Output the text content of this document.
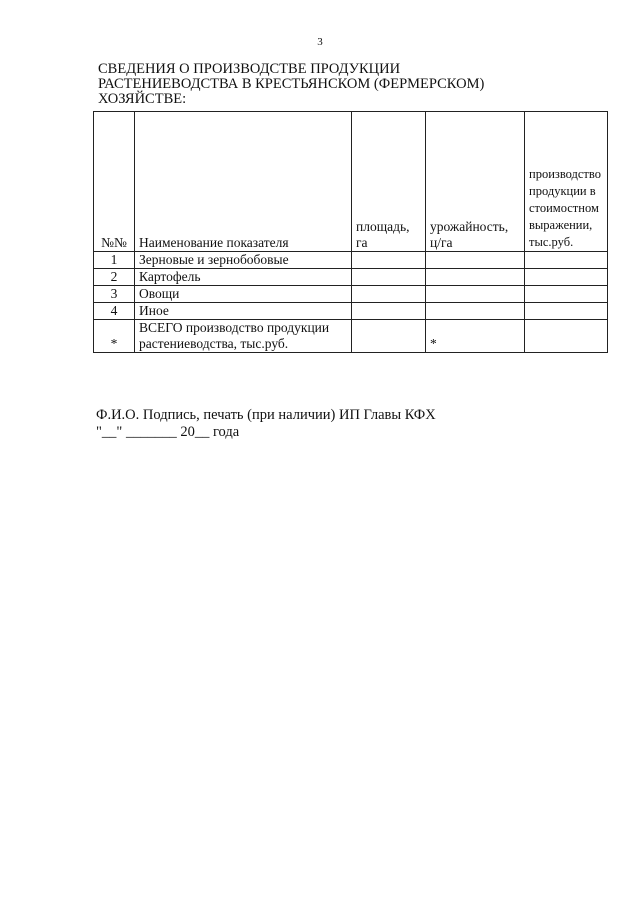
3
СВЕДЕНИЯ О ПРОИЗВОДСТВЕ ПРОДУКЦИИ РАСТЕНИЕВОДСТВА В КРЕСТЬЯНСКОМ (ФЕРМЕРСКОМ) ХОЗЯЙСТВЕ:
№№	Наименование показателя	площадь, га	урожайность, ц/га	производство продукции в стоимостном выражении, тыс.руб.
1	Зерновые и зернобобовые			
2	Картофель			
3	Овощи			
4	Иное			
*	ВСЕГО производство продукции растениеводства, тыс.руб.		*	
Ф.И.О. Подпись, печать (при наличии) ИП Главы КФХ
"__" _______ 20__ года
